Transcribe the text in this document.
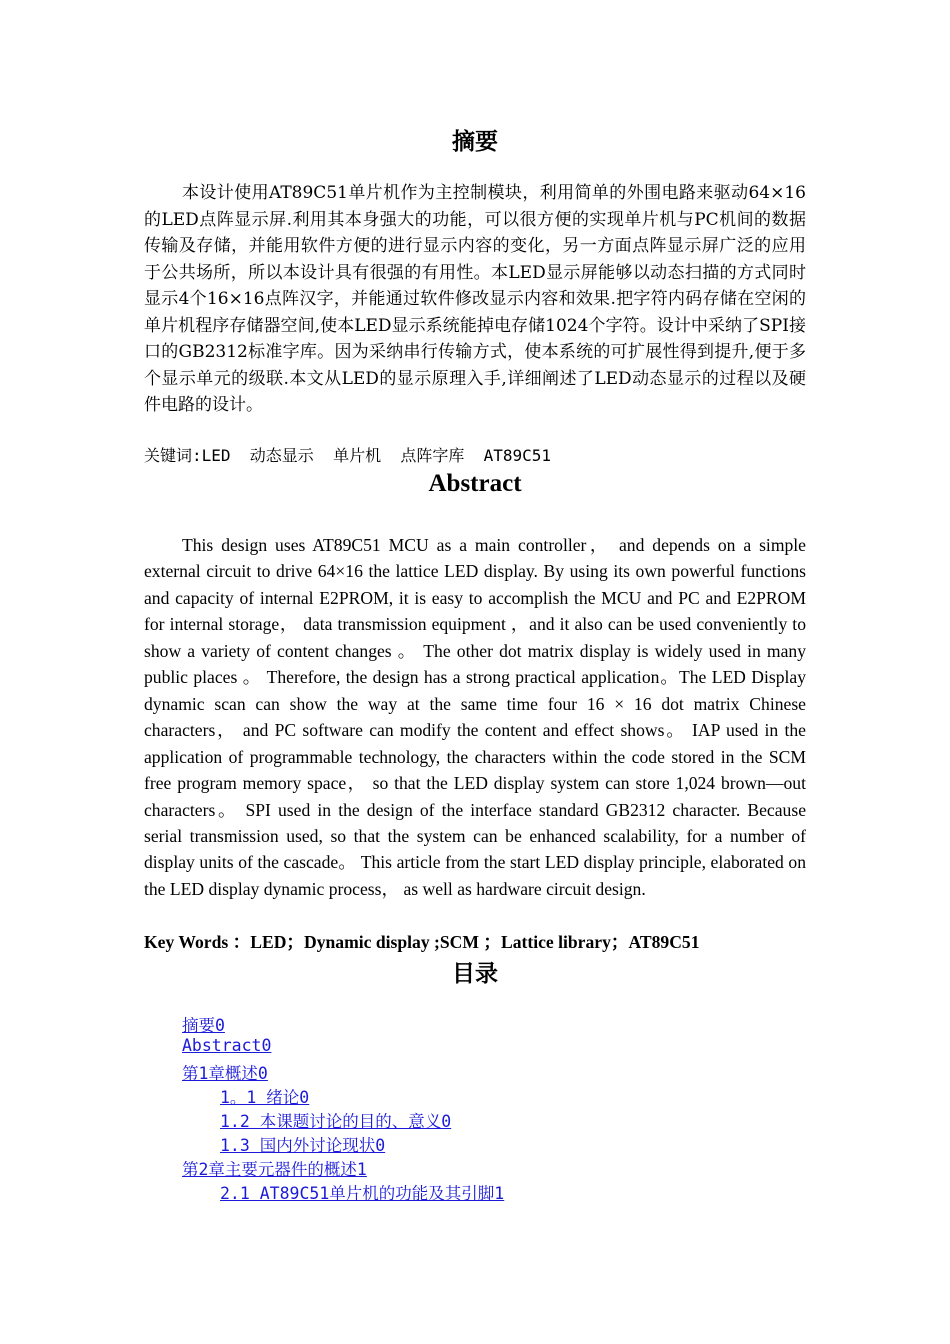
摘要

本设计使用AT89C51单片机作为主控制模块，利用简单的外围电路来驱动64×16的LED点阵显示屏.利用其本身强大的功能，可以很方便的实现单片机与PC机间的数据传输及存储，并能用软件方便的进行显示内容的变化，另一方面点阵显示屏广泛的应用于公共场所，所以本设计具有很强的有用性。本LED显示屏能够以动态扫描的方式同时显示4个16×16点阵汉字，并能通过软件修改显示内容和效果.把字符内码存储在空闲的单片机程序存储器空间,使本LED显示系统能掉电存储1024个字符。设计中采纳了SPI接口的GB2312标准字库。因为采纳串行传输方式，使本系统的可扩展性得到提升,便于多个显示单元的级联.本文从LED的显示原理入手,详细阐述了LED动态显示的过程以及硬件电路的设计。

关键词:LED  动态显示  单片机  点阵字库  AT89C51
Abstract

This design uses AT89C51 MCU as a main controller， and depends on a simple external circuit to drive 64×16 the lattice LED display. By using its own powerful functions and capacity of internal E2PROM, it is easy to accomplish the MCU and PC and E2PROM for internal storage， data transmission equipment ，and it also can be used conveniently to show a variety of content changes 。 The other dot matrix display is widely used in many public places 。 Therefore, the design has a strong practical application。The LED Display dynamic scan can show the way at the same time four 16 × 16 dot matrix Chinese characters， and PC software can modify the content and effect shows。 IAP used in the application of programmable technology, the characters within the code stored in the SCM free program memory space， so that the LED display system can store 1,024 brown—out characters。 SPI used in the design of the interface standard GB2312 character. Because serial transmission used, so that the system can be enhanced scalability, for a number of display units of the cascade。 This article from the start LED display principle, elaborated on the LED display dynamic process， as well as hardware circuit design.

Key Words ：LED；Dynamic display ;SCM ；Lattice library；AT89C51
目录
摘要0
Abstract0
第1章概述0
1。1 绪论0
1.2 本课题讨论的目的、意义0
1.3 国内外讨论现状0
第2章主要元器件的概述1
2.1 AT89C51单片机的功能及其引脚1
